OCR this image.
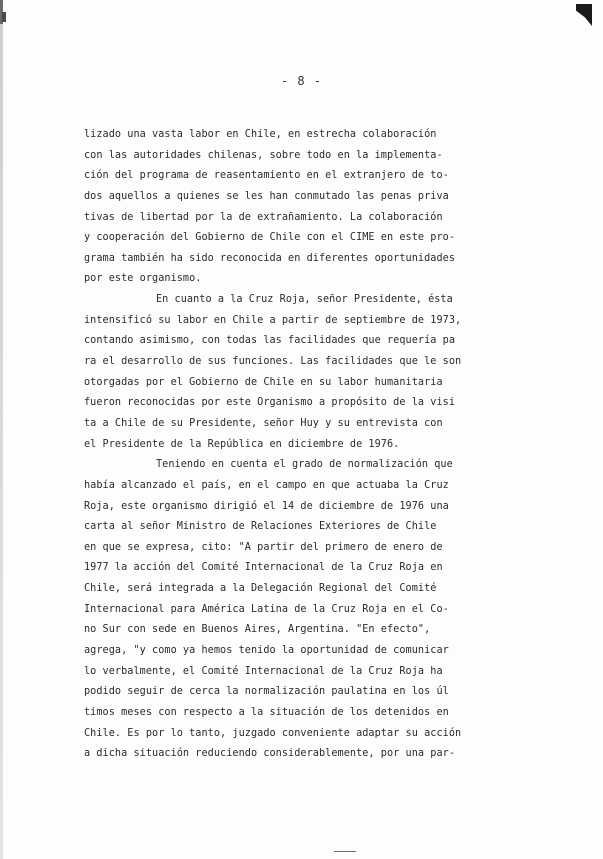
- 8 -
lizado una vasta labor en Chile, en estrecha colaboración
con las autoridades chilenas, sobre todo en la implementa-
ción del programa de reasentamiento en el extranjero de to-
dos aquellos a quienes se les han conmutado las penas priva
tivas de libertad por la de extrañamiento. La colaboración
y cooperación del Gobierno de Chile con el CIME en este pro-
grama también ha sido reconocida en diferentes oportunidades
por este organismo.
En cuanto a la Cruz Roja, señor Presidente, ésta
intensificó su labor en Chile a partir de septiembre de 1973,
contando asimismo, con todas las facilidades que requería pa
ra el desarrollo de sus funciones. Las facilidades que le son
otorgadas por el Gobierno de Chile en su labor humanitaria
fueron reconocidas por este Organismo a propósito de la visi
ta a Chile de su Presidente, señor Huy y su entrevista con
el Presidente de la República en diciembre de 1976.
Teniendo en cuenta el grado de normalización que
había alcanzado el país, en el campo en que actuaba la Cruz
Roja, este organismo dirigió el 14 de diciembre de 1976 una
carta al señor Ministro de Relaciones Exteriores de Chile
en que se expresa, cito: "A partir del primero de enero de
1977 la acción del Comité Internacional de la Cruz Roja en
Chile, será integrada a la Delegación Regional del Comité
Internacional para América Latina de la Cruz Roja en el Co-
no Sur con sede en Buenos Aires, Argentina. "En efecto",
agrega, "y como ya hemos tenido la oportunidad de comunicar
lo verbalmente, el Comité Internacional de la Cruz Roja ha
podido seguir de cerca la normalización paulatina en los úl
timos meses con respecto a la situación de los detenidos en
Chile. Es por lo tanto, juzgado conveniente adaptar su acción
a dicha situación reduciendo considerablemente, por una par-
